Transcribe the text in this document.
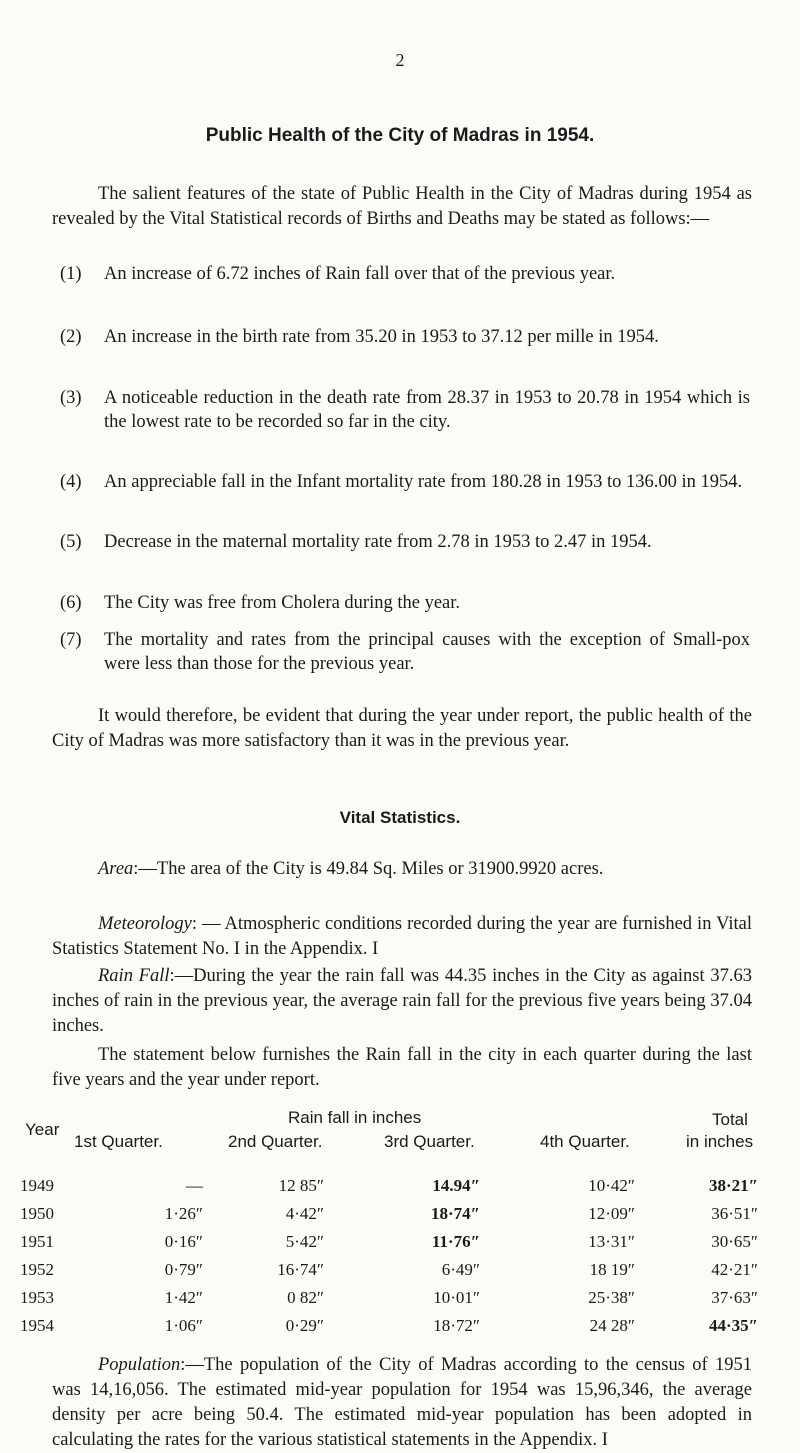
2
Public Health of the City of Madras in 1954.

The salient features of the state of Public Health in the City of Madras during 1954 as revealed by the Vital Statistical records of Births and Deaths may be stated as follows:—

(1)	An increase of 6.72 inches of Rain fall over that of the previous year.
(2)	An increase in the birth rate from 35.20 in 1953 to 37.12 per mille in 1954.
(3)	A noticeable reduction in the death rate from 28.37 in 1953 to 20.78 in 1954 which is the lowest rate to be recorded so far in the city.
(4)	An appreciable fall in the Infant mortality rate from 180.28 in 1953 to 136.00 in 1954.
(5)	Decrease in the maternal mortality rate from 2.78 in 1953 to 2.47 in 1954.
(6)	The City was free from Cholera during the year.
(7)	The mortality and rates from the principal causes with the exception of Small-pox were less than those for the previous year.

It would therefore, be evident that during the year under report, the public health of the City of Madras was more satisfactory than it was in the previous year.

Vital Statistics.

Area:—The area of the City is 49.84 Sq. Miles or 31900.9920 acres.

Meteorology: — Atmospheric conditions recorded during the year are furnished in Vital Statistics Statement No. I in the Appendix. I

Rain Fall:—During the year the rain fall was 44.35 inches in the City as against 37.63 inches of rain in the previous year, the average rain fall for the previous five years being 37.04 inches.

The statement below furnishes the Rain fall in the city in each quarter during the last five years and the year under report.

Year
Rain fall in inches	Total
in inches
1st Quarter.	2nd Quarter.	3rd Quarter.	4th Quarter.
1949	—	12 85″	14.94″	10·42″	38·21″
1950	1·26″	4·42″	18·74″	12·09″	36·51″
1951	0·16″	5·42″	11·76″	13·31″	30·65″
1952	0·79″	16·74″	6·49″	18 19″	42·21″
1953	1·42″	0 82″	10·01″	25·38″	37·63″
1954	1·06″	0·29″	18·72″	24 28″	44·35″

Population:—The population of the City of Madras according to the census of 1951 was 14,16,056. The estimated mid-year population for 1954 was 15,96,346, the average density per acre being 50.4. The estimated mid-year population has been adopted in calculating the rates for the various statistical statements in the Appendix. I
